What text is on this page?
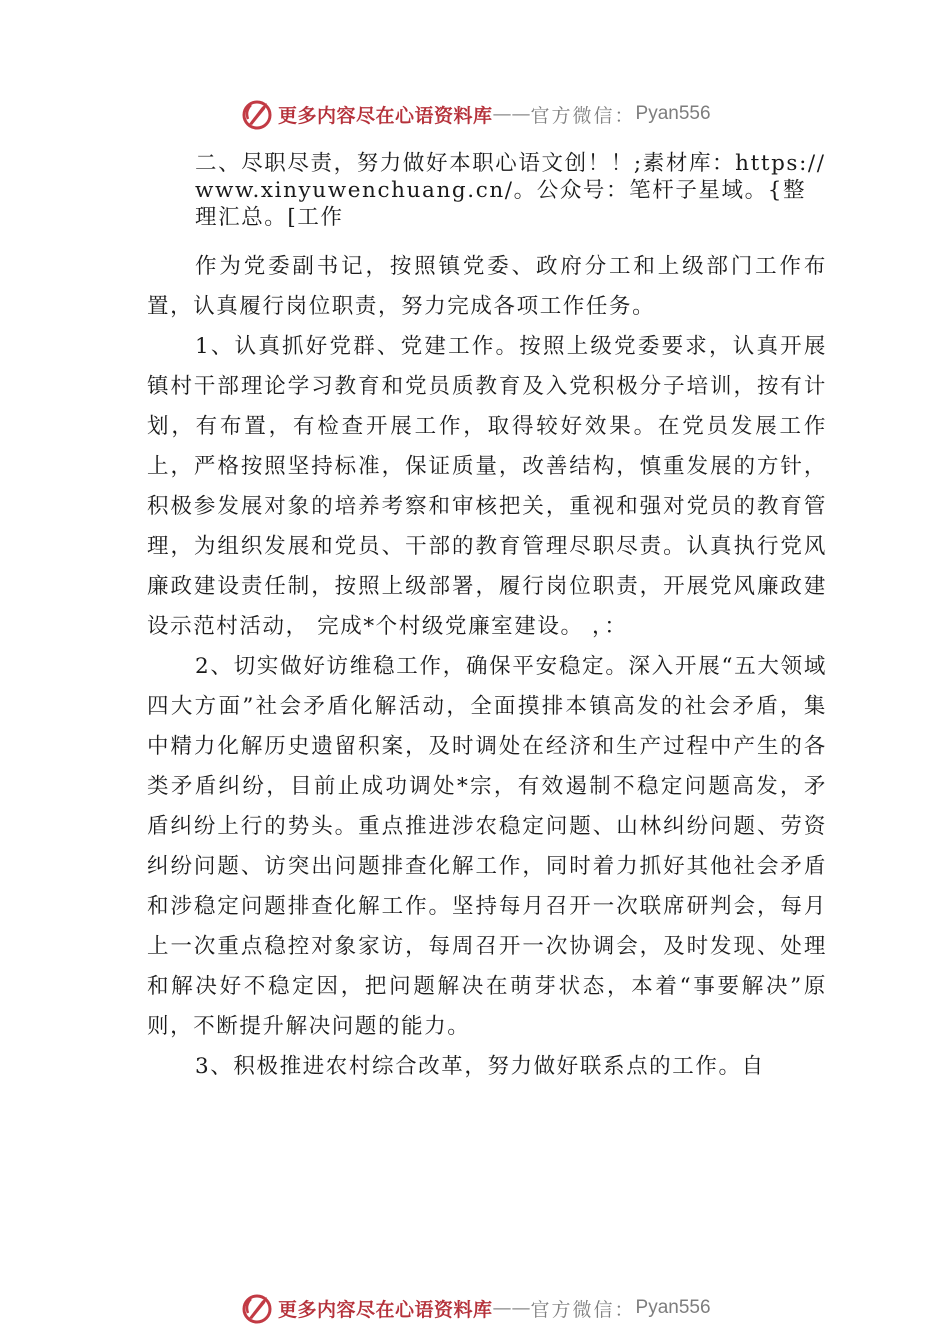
更多内容尽在心语资料库 —— 官方微信： Pyan556

二、尽职尽责，努力做好本职心语文创！！;素材库：https://www.xinyuwenchuang.cn/。公众号：笔杆子星域。{整理汇总。[工作

作为党委副书记，按照镇党委、政府分工和上级部门工作布置，认真履行岗位职责，努力完成各项工作任务。

1、认真抓好党群、党建工作。按照上级党委要求，认真开展镇村干部理论学习教育和党员质教育及入党积极分子培训，按有计划，有布置，有检查开展工作，取得较好效果。在党员发展工作上，严格按照坚持标准，保证质量，改善结构，慎重发展的方针，积极参发展对象的培养考察和审核把关，重视和强对党员的教育管理，为组织发展和党员、干部的教育管理尽职尽责。认真执行党风廉政建设责任制，按照上级部署，履行岗位职责，开展党风廉政建设示范村活动， 完成*个村级党廉室建设。 ，：

2、切实做好访维稳工作，确保平安稳定。深入开展“五大领域四大方面”社会矛盾化解活动，全面摸排本镇高发的社会矛盾，集中精力化解历史遗留积案，及时调处在经济和生产过程中产生的各类矛盾纠纷，目前止成功调处*宗，有效遏制不稳定问题高发，矛盾纠纷上行的势头。重点推进涉农稳定问题、山林纠纷问题、劳资纠纷问题、访突出问题排查化解工作，同时着力抓好其他社会矛盾和涉稳定问题排查化解工作。坚持每月召开一次联席研判会，每月上一次重点稳控对象家访，每周召开一次协调会，及时发现、处理和解决好不稳定因，把问题解决在萌芽状态，本着“事要解决”原则，不断提升解决问题的能力。

3、积极推进农村综合改革，努力做好联系点的工作。自

更多内容尽在心语资料库 —— 官方微信： Pyan556
